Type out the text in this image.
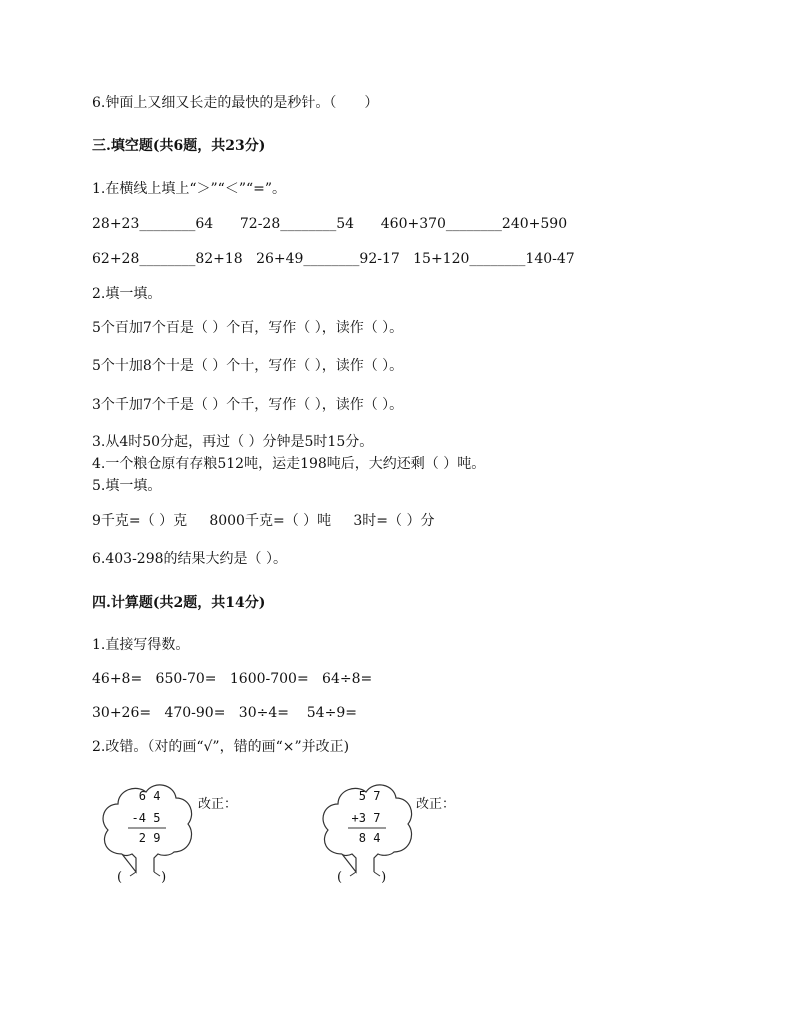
6.钟面上又细又长走的最快的是秒针。（　　）
三.填空题(共6题，共23分)
1.在横线上填上“＞”“＜”“=”。
28+23________64      72-28________54      460+370________240+590
62+28________82+18   26+49________92-17   15+120________140-47
2.填一填。
5个百加7个百是（ ）个百，写作（ ），读作（ ）。
5个十加8个十是（ ）个十，写作（ ），读作（ ）。
3个千加7个千是（ ）个千，写作（ ），读作（ ）。
3.从4时50分起，再过（ ）分钟是5时15分。
4.一个粮仓原有存粮512吨，运走198吨后，大约还剩（ ）吨。
5.填一填。
9千克=（ ）克     8000千克=（ ）吨     3时=（ ）分
6.403-298的结果大约是（ ）。
四.计算题(共2题，共14分)
1.直接写得数。
46+8=   650-70=   1600-700=   64÷8=
30+26=   470-90=   30÷4=    54÷9=
2.改错。（对的画“√”，错的画“×”并改正)
6 4
-4 5
2 9
改正：
(　　　)
5 7
+3 7
8 4
改正：
(　　　)
